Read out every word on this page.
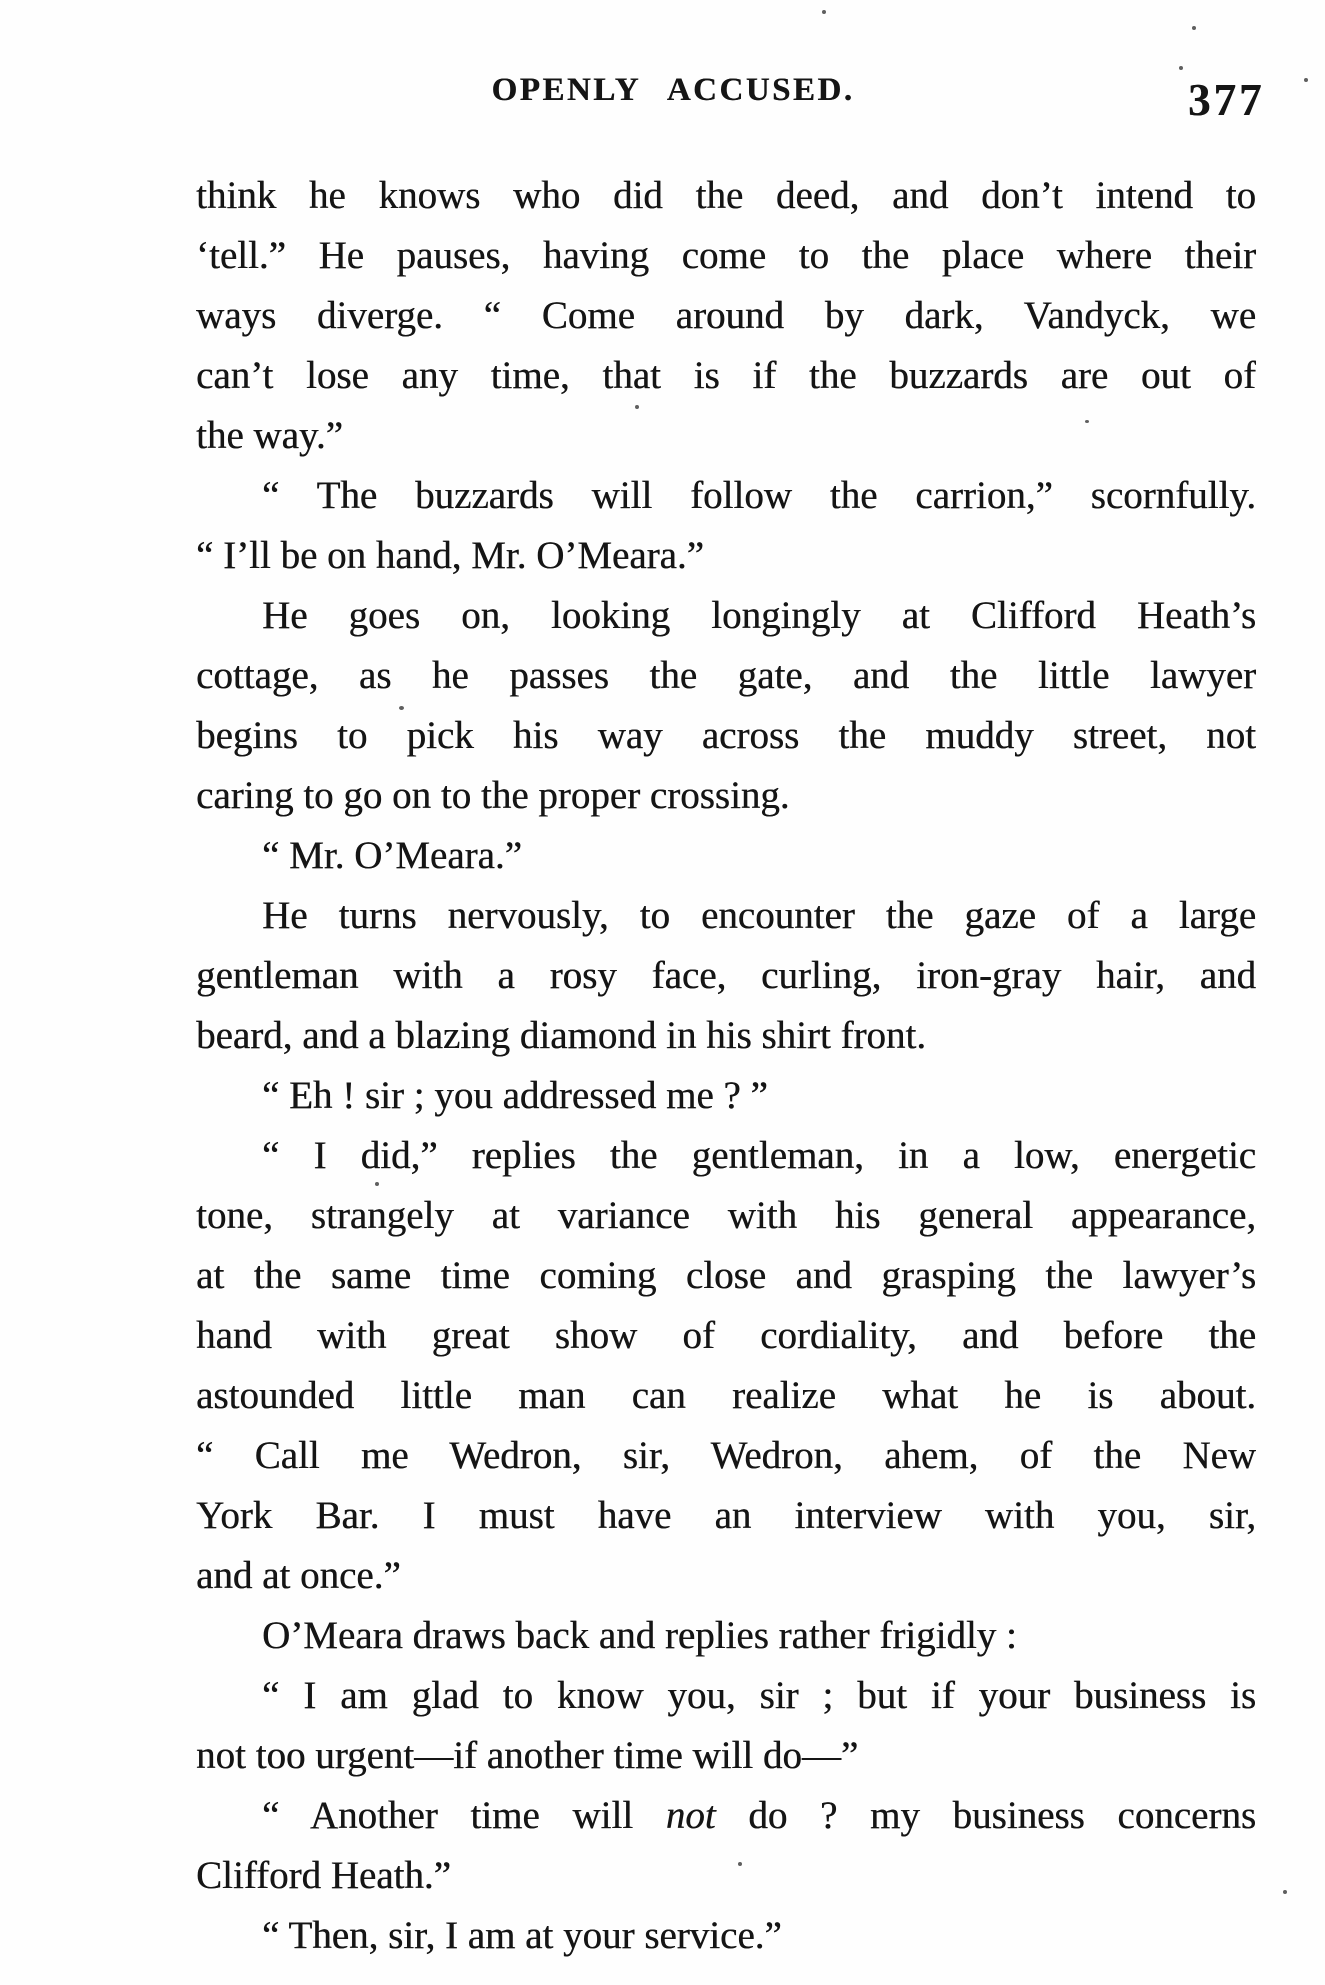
OPENLY ACCUSED.	377
think he knows who did the deed, and don’t intend to
‘tell.” He pauses, having come to the place where their
ways diverge. “ Come around by dark, Vandyck, we
can’t lose any time, that is if the buzzards are out of
the way.”
“ The buzzards will follow the carrion,” scornfully.
“ I’ll be on hand, Mr. O’Meara.”
He goes on, looking longingly at Clifford Heath’s
cottage, as he passes the gate, and the little lawyer
begins to pick his way across the muddy street, not
caring to go on to the proper crossing.
“ Mr. O’Meara.”
He turns nervously, to encounter the gaze of a large
gentleman with a rosy face, curling, iron-gray hair, and
beard, and a blazing diamond in his shirt front.
“ Eh ! sir ; you addressed me ? ”
“ I did,” replies the gentleman, in a low, energetic
tone, strangely at variance with his general appearance,
at the same time coming close and grasping the lawyer’s
hand with great show of cordiality, and before the
astounded little man can realize what he is about.
“ Call me Wedron, sir, Wedron, ahem, of the New
York Bar. I must have an interview with you, sir,
and at once.”
O’Meara draws back and replies rather frigidly :
“ I am glad to know you, sir ; but if your business is
not too urgent—if another time will do—”
“ Another time will not do ? my business concerns
Clifford Heath.”
“ Then, sir, I am at your service.”
